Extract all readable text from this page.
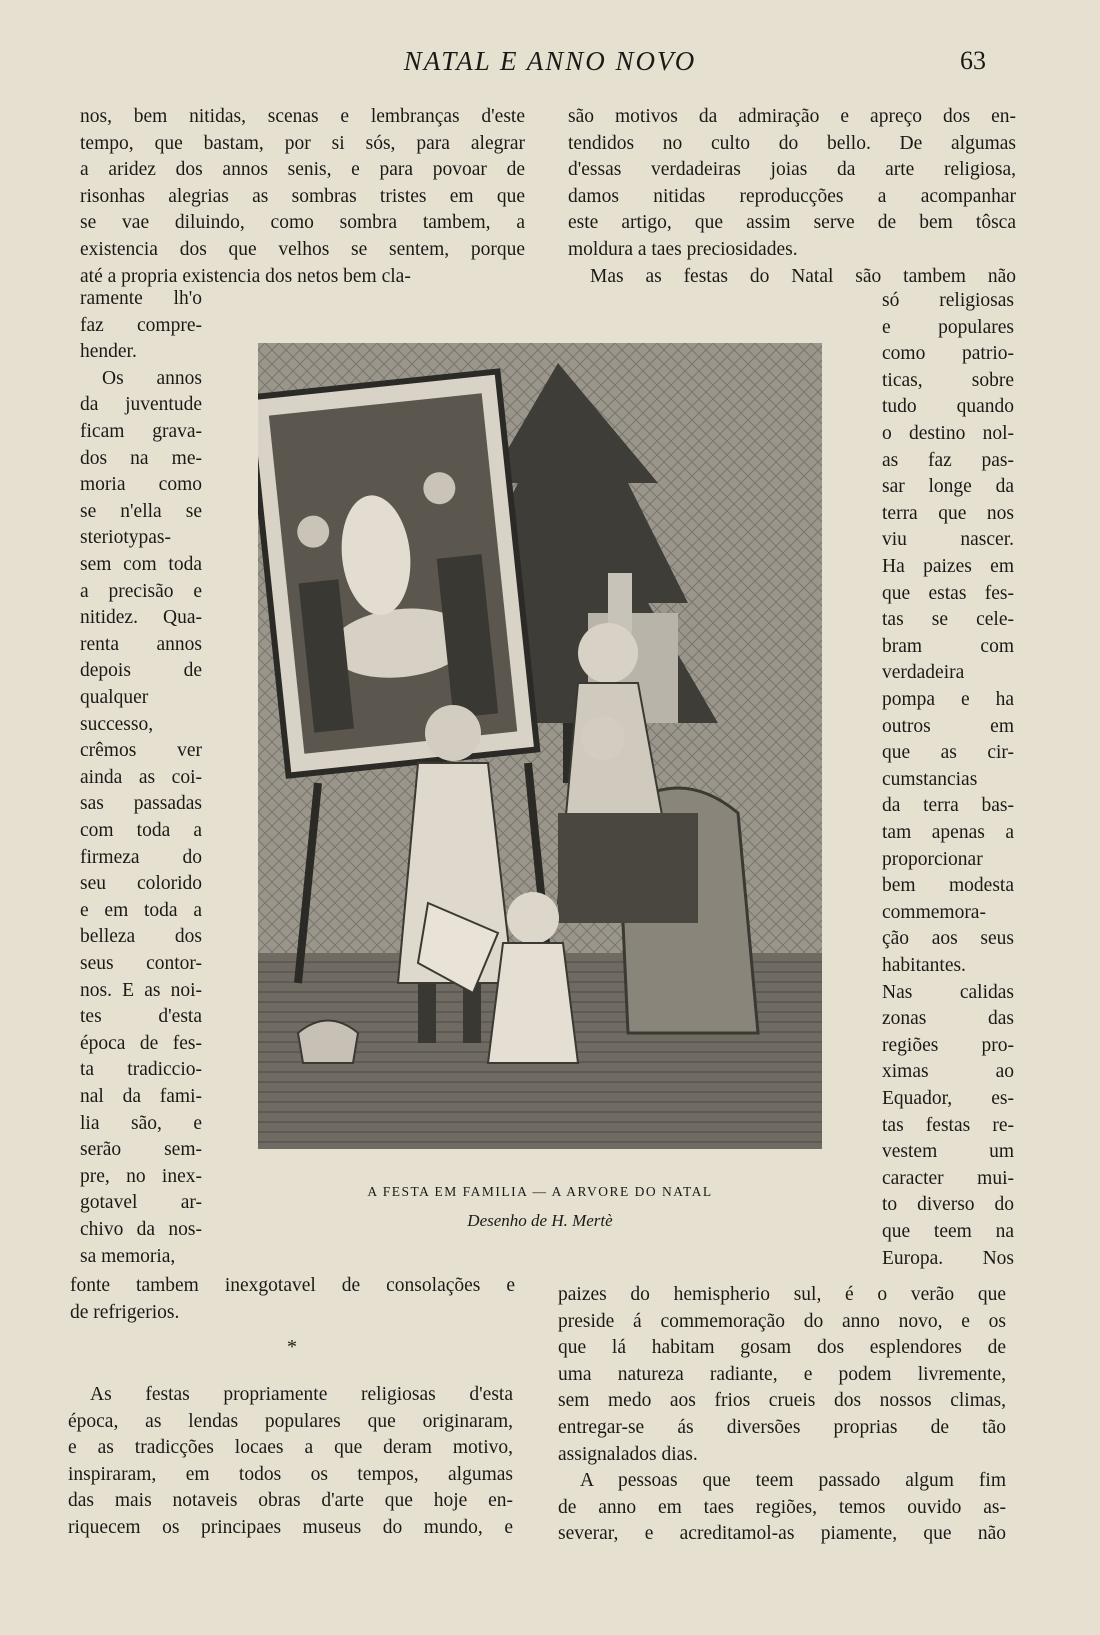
NATAL E ANNO NOVO	63
nos, bem nitidas, scenas e lembranças d'este
tempo, que bastam, por si sós, para alegrar
a aridez dos annos senis, e para povoar de
risonhas alegrias as sombras tristes em que
se vae diluindo, como sombra tambem, a
existencia dos que velhos se sentem, porque
até a propria existencia dos netos bem cla-
ramente lh'o
faz compre-
hender.
Os annos
da juventude
ficam grava-
dos na me-
moria como
se n'ella se
steriotypas-
sem com toda
a precisão e
nitidez. Qua-
renta annos
depois de
qualquer
successo,
crêmos ver
ainda as coi-
sas passadas
com toda a
firmeza do
seu colorido
e em toda a
belleza dos
seus contor-
nos. E as noi-
tes d'esta
época de fes-
ta tradiccio-
nal da fami-
lia são, e
serão sem-
pre, no inex-
gotavel ar-
chivo da nos-
sa memoria,
fonte tambem inexgotavel de consolações e
de refrigerios.
As festas propriamente religiosas d'esta
época, as lendas populares que originaram,
e as tradicções locaes a que deram motivo,
inspiraram, em todos os tempos, algumas
das mais notaveis obras d'arte que hoje en-
riquecem os principaes museus do mundo, e
são motivos da admiração e apreço dos en-
tendidos no culto do bello. De algumas
d'essas verdadeiras joias da arte religiosa,
damos nitidas reproducções a acompanhar
este artigo, que assim serve de bem tôsca
moldura a taes preciosidades.
Mas as festas do Natal são tambem não
só religiosas
e populares
como patrio-
ticas, sobre
tudo quando
o destino nol-
as faz pas-
sar longe da
terra que nos
viu nascer.
Ha paizes em
que estas fes-
tas se cele-
bram com
verdadeira
pompa e ha
outros em
que as cir-
cumstancias
da terra bas-
tam apenas a
proporcionar
bem modesta
commemora-
ção aos seus
habitantes.
Nas calidas
zonas das
regiões pro-
ximas ao
Equador, es-
tas festas re-
vestem um
caracter mui-
to diverso do
que teem na
Europa. Nos
paizes do hemispherio sul, é o verão que
preside á commemoração do anno novo, e os
que lá habitam gosam dos esplendores de
uma natureza radiante, e podem livremente,
sem medo aos frios crueis dos nossos climas,
entregar-se ás diversões proprias de tão
assignalados dias.
A pessoas que teem passado algum fim
de anno em taes regiões, temos ouvido as-
severar, e acreditamol-as piamente, que não
A FESTA EM FAMILIA — A ARVORE DO NATAL
Desenho de H. Mertè
*
